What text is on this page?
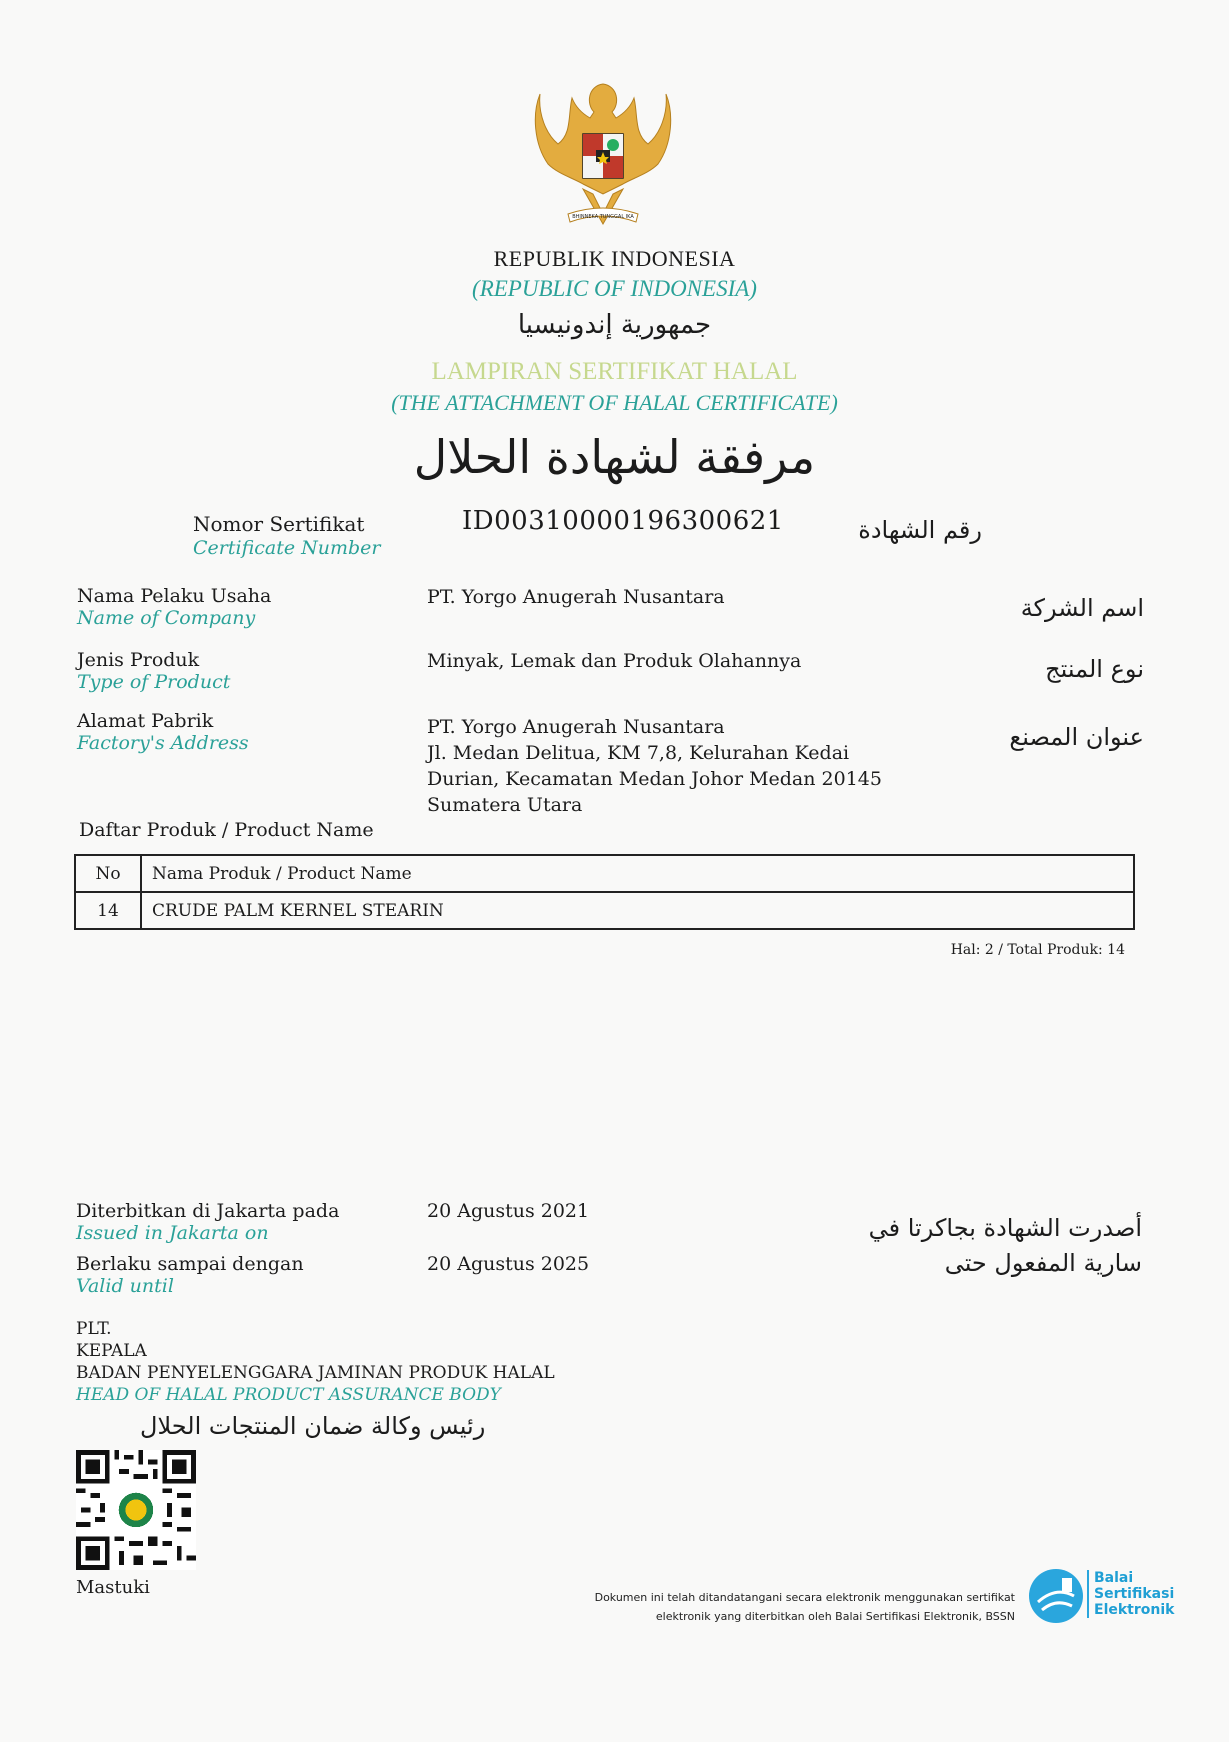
BHINNEKA TUNGGAL IKA
REPUBLIK INDONESIA
(REPUBLIC OF INDONESIA)
جمهورية إندونيسيا
LAMPIRAN SERTIFIKAT HALAL
(THE ATTACHMENT OF HALAL CERTIFICATE)
مرفقة لشهادة الحلال
Nomor Sertifikat
Certificate Number
ID00310000196300621	رقم الشهادة
Nama Pelaku Usaha
Name of Company
PT. Yorgo Anugerah Nusantara	اسم الشركة
Jenis Produk
Type of Product
Minyak, Lemak dan Produk Olahannya	نوع المنتج
Alamat Pabrik
Factory's Address
PT. Yorgo Anugerah Nusantara
Jl. Medan Delitua, KM 7,8, Kelurahan Kedai
Durian, Kecamatan Medan Johor Medan 20145
Sumatera Utara
عنوان المصنع
Daftar Produk / Product Name
No	Nama Produk / Product Name
14	CRUDE PALM KERNEL STEARIN
Hal: 2 / Total Produk: 14
Diterbitkan di Jakarta pada
Issued in Jakarta on
20 Agustus 2021
أصدرت الشهادة بجاكرتا في
Berlaku sampai dengan
Valid until
20 Agustus 2025	سارية المفعول حتى
PLT.
KEPALA
BADAN PENYELENGGARA JAMINAN PRODUK HALAL
HEAD OF HALAL PRODUCT ASSURANCE BODY
رئيس وكالة ضمان المنتجات الحلال
Mastuki	Dokumen ini telah ditandatangani secara elektronik menggunakan sertifikat
elektronik yang diterbitkan oleh Balai Sertifikasi Elektronik, BSSN
Balai
Sertifikasi
Elektronik
